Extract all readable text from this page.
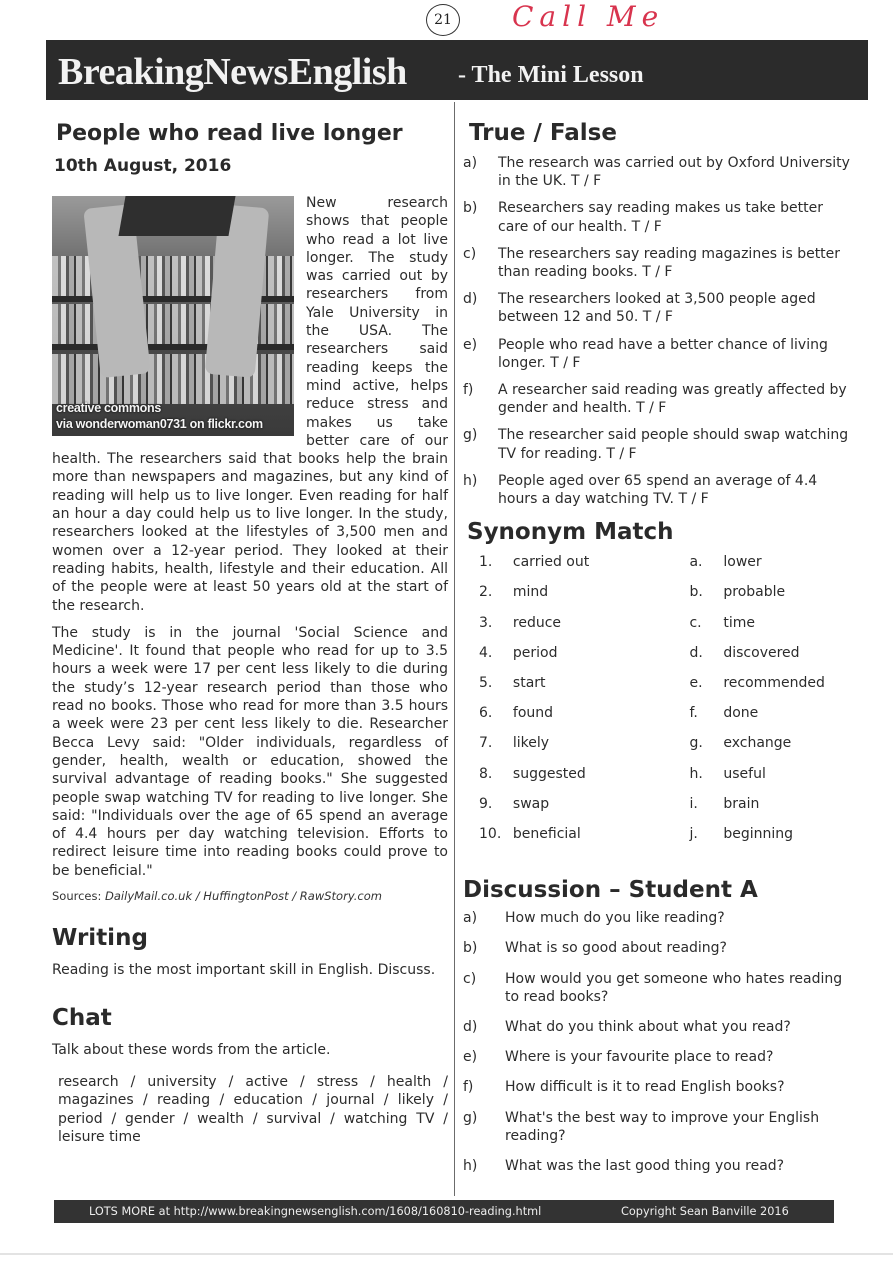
21 Call Me
BreakingNewsEnglish - The Mini Lesson
People who read live longer
10th August, 2016
creative commons
via wonderwoman0731 on flickr.com
New research shows that people who read a lot live longer. The study was carried out by researchers from Yale University in the USA. The researchers said reading keeps the mind active, helps reduce stress and makes us take better care of our health. The researchers said that books help the brain more than newspapers and magazines, but any kind of reading will help us to live longer. Even reading for half an hour a day could help us to live longer. In the study, researchers looked at the lifestyles of 3,500 men and women over a 12-year period. They looked at their reading habits, health, lifestyle and their education. All of the people were at least 50 years old at the start of the research.
The study is in the journal 'Social Science and Medicine'. It found that people who read for up to 3.5 hours a week were 17 per cent less likely to die during the study’s 12-year research period than those who read no books. Those who read for more than 3.5 hours a week were 23 per cent less likely to die. Researcher Becca Levy said: "Older individuals, regardless of gender, health, wealth or education, showed the survival advantage of reading books." She suggested people swap watching TV for reading to live longer. She said: "Individuals over the age of 65 spend an average of 4.4 hours per day watching television. Efforts to redirect leisure time into reading books could prove to be beneficial."
Sources: DailyMail.co.uk / HuffingtonPost / RawStory.com
Writing
Reading is the most important skill in English. Discuss.
Chat
Talk about these words from the article.
research / university / active / stress / health / magazines / reading / education / journal / likely / period / gender / wealth / survival / watching TV / leisure time
True / False
a)	The research was carried out by Oxford University in the UK. T / F
b)	Researchers say reading makes us take better care of our health. T / F
c)	The researchers say reading magazines is better than reading books. T / F
d)	The researchers looked at 3,500 people aged between 12 and 50. T / F
e)	People who read have a better chance of living longer. T / F
f)	A researcher said reading was greatly affected by gender and health. T / F
g)	The researcher said people should swap watching TV for reading. T / F
h)	People aged over 65 spend an average of 4.4 hours a day watching TV. T / F
Synonym Match
1.	carried out	a.	lower
2.	mind	b.	probable
3.	reduce	c.	time
4.	period	d.	discovered
5.	start	e.	recommended
6.	found	f.	done
7.	likely	g.	exchange
8.	suggested	h.	useful
9.	swap	i.	brain
10. beneficial	j.	beginning
Discussion – Student A
a)	How much do you like reading?
b)	What is so good about reading?
c)	How would you get someone who hates reading to read books?
d)	What do you think about what you read?
e)	Where is your favourite place to read?
f)	How difficult is it to read English books?
g)	What's the best way to improve your English reading?
h)	What was the last good thing you read?
LOTS MORE at http://www.breakingnewsenglish.com/1608/160810-reading.html	Copyright Sean Banville 2016
